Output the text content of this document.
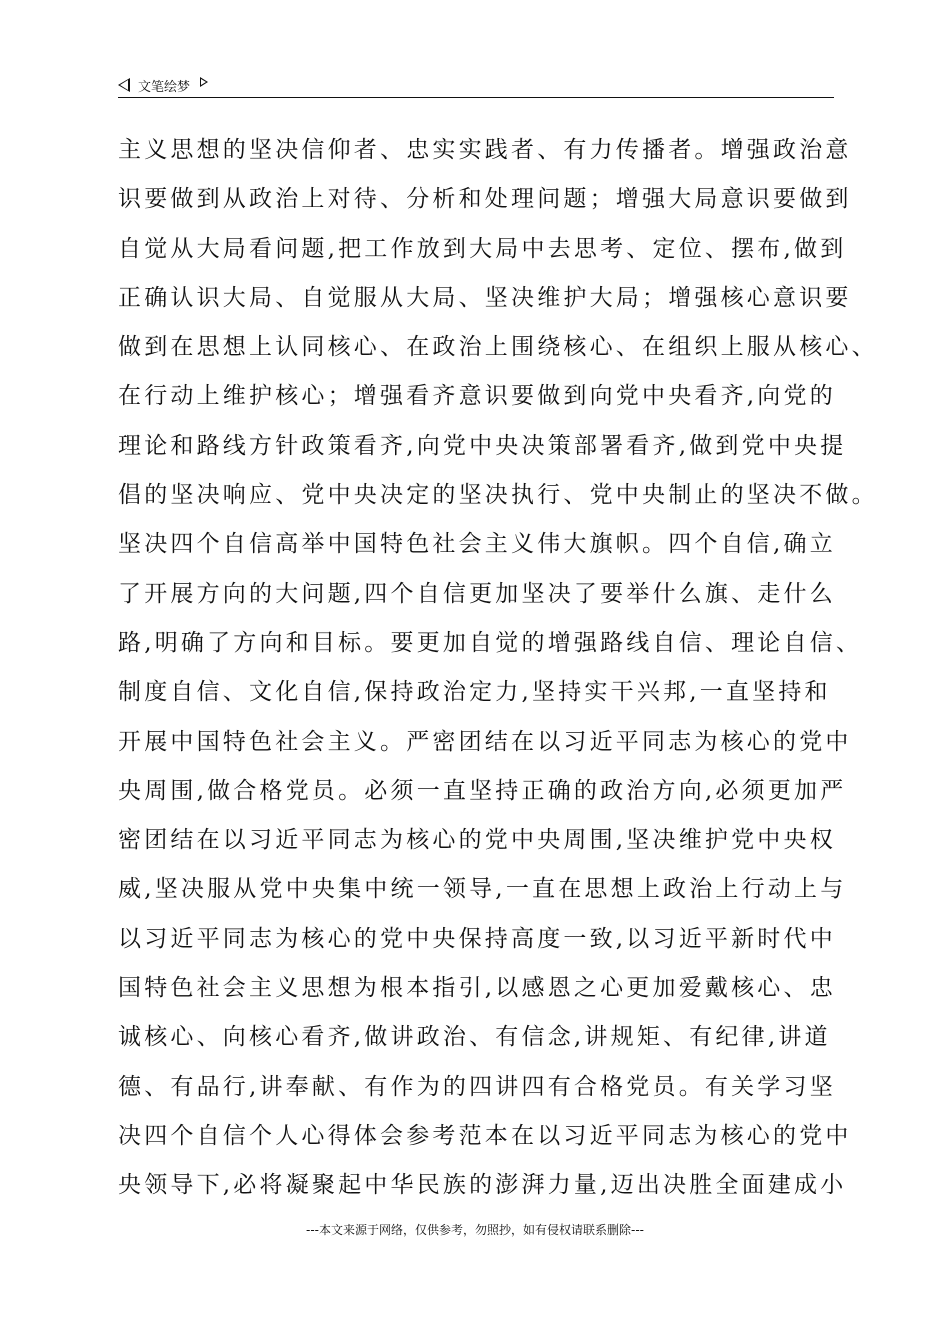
文笔绘梦
主义思想的坚决信仰者、忠实实践者、有力传播者。增强政治意
识要做到从政治上对待、分析和处理问题；增强大局意识要做到
自觉从大局看问题,把工作放到大局中去思考、定位、摆布,做到
正确认识大局、自觉服从大局、坚决维护大局；增强核心意识要
做到在思想上认同核心、在政治上围绕核心、在组织上服从核心、
在行动上维护核心；增强看齐意识要做到向党中央看齐,向党的
理论和路线方针政策看齐,向党中央决策部署看齐,做到党中央提
倡的坚决响应、党中央决定的坚决执行、党中央制止的坚决不做。
坚决四个自信高举中国特色社会主义伟大旗帜。四个自信,确立
了开展方向的大问题,四个自信更加坚决了要举什么旗、走什么
路,明确了方向和目标。要更加自觉的增强路线自信、理论自信、
制度自信、文化自信,保持政治定力,坚持实干兴邦,一直坚持和
开展中国特色社会主义。严密团结在以习近平同志为核心的党中
央周围,做合格党员。必须一直坚持正确的政治方向,必须更加严
密团结在以习近平同志为核心的党中央周围,坚决维护党中央权
威,坚决服从党中央集中统一领导,一直在思想上政治上行动上与
以习近平同志为核心的党中央保持高度一致,以习近平新时代中
国特色社会主义思想为根本指引,以感恩之心更加爱戴核心、忠
诚核心、向核心看齐,做讲政治、有信念,讲规矩、有纪律,讲道
德、有品行,讲奉献、有作为的四讲四有合格党员。有关学习坚
决四个自信个人心得体会参考范本在以习近平同志为核心的党中
央领导下,必将凝聚起中华民族的澎湃力量,迈出决胜全面建成小
---本文来源于网络，仅供参考，勿照抄，如有侵权请联系删除---
